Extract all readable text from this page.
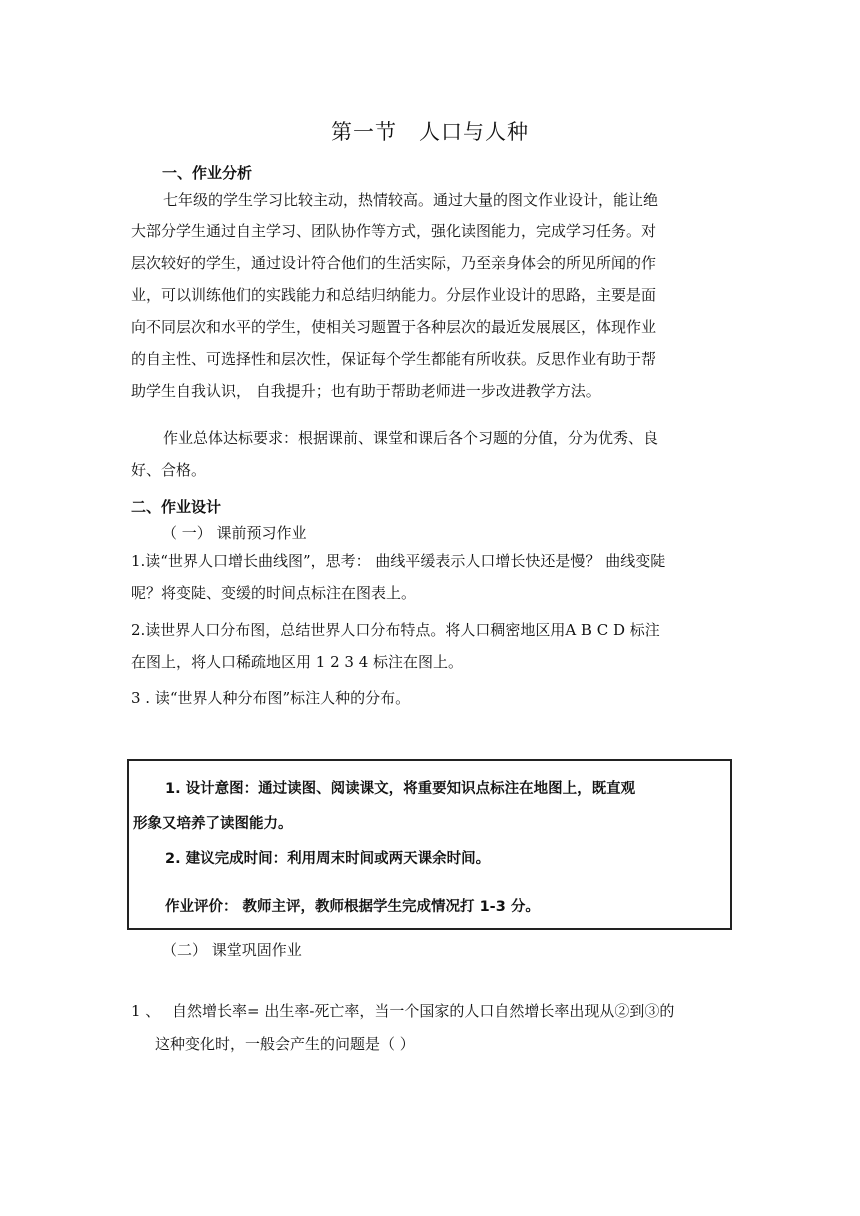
第一节　人口与人种
一、作业分析
七年级的学生学习比较主动，热情较高。通过大量的图文作业设计，能让绝
大部分学生通过自主学习、团队协作等方式，强化读图能力，完成学习任务。对
层次较好的学生，通过设计符合他们的生活实际，乃至亲身体会的所见所闻的作
业，可以训练他们的实践能力和总结归纳能力。分层作业设计的思路，主要是面
向不同层次和水平的学生，使相关习题置于各种层次的最近发展展区，体现作业
的自主性、可选择性和层次性，保证每个学生都能有所收获。反思作业有助于帮
助学生自我认识， 自我提升；也有助于帮助老师进一步改进教学方法。
作业总体达标要求：根据课前、课堂和课后各个习题的分值，分为优秀、良
好、合格。
二、作业设计
（ 一） 课前预习作业
1.读“世界人口增长曲线图”，思考： 曲线平缓表示人口增长快还是慢？ 曲线变陡
呢？将变陡、变缓的时间点标注在图表上。
2.读世界人口分布图，总结世界人口分布特点。将人口稠密地区用A B C D 标注
在图上，将人口稀疏地区用 1 2 3 4 标注在图上。
3 . 读“世界人种分布图”标注人种的分布。
1. 设计意图：通过读图、阅读课文，将重要知识点标注在地图上，既直观
形象又培养了读图能力。
2. 建议完成时间：利用周末时间或两天课余时间。
作业评价： 教师主评，教师根据学生完成情况打 1-3 分。
（二） 课堂巩固作业
1 、 自然增长率= 出生率-死亡率，当一个国家的人口自然增长率出现从②到③的
这种变化时，一般会产生的问题是（ ）
